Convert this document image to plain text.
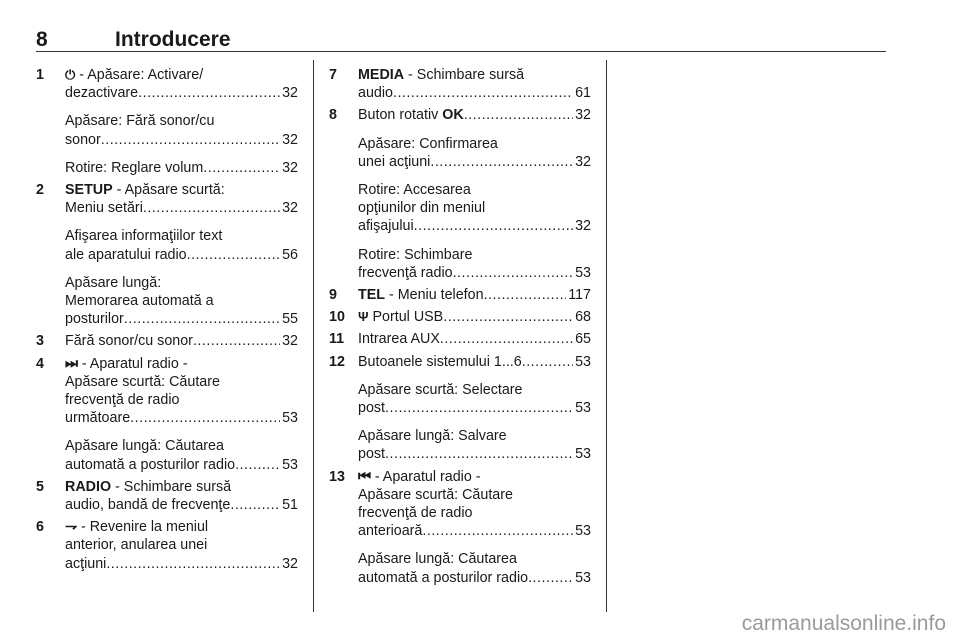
8	Introducere
1 ⏻ - Apăsare: Activare/
dezactivare .....	32
Apăsare: Fără sonor/cu
sonor .....	32
Rotire: Reglare volum .....	32
2 SETUP - Apăsare scurtă:
Meniu setări .....	32
Afişarea informaţiilor text
ale aparatului radio .....	56
Apăsare lungă:
Memorarea automată a
posturilor .....	55
3 Fără sonor/cu sonor .....	32
4 ⏭ - Aparatul radio -
Apăsare scurtă: Căutare
frecvenţă de radio
următoare .....	53
Apăsare lungă: Căutarea
automată a posturilor radio .....	53
5 RADIO - Schimbare sursă
audio, bandă de frecvenţe .....	51
6 ⇁ - Revenire la meniul
anterior, anularea unei
acţiuni .....	32
7 MEDIA - Schimbare sursă
audio .....	61
8 Buton rotativ OK .....	32
Apăsare: Confirmarea
unei acţiuni .....	32
Rotire: Accesarea
opţiunilor din meniul
afişajului .....	32
Rotire: Schimbare
frecvenţă radio .....	53
9 TEL - Meniu telefon .....	117
10 Ψ Portul USB .....	68
11 Intrarea AUX .....	65
12 Butoanele sistemului 1...6 .....	53
Apăsare scurtă: Selectare
post .....	53
Apăsare lungă: Salvare
post .....	53
13 ⏮ - Aparatul radio -
Apăsare scurtă: Căutare
frecvenţă de radio
anterioară .....	53
Apăsare lungă: Căutarea
automată a posturilor radio .....	53
carmanualsonline.info
